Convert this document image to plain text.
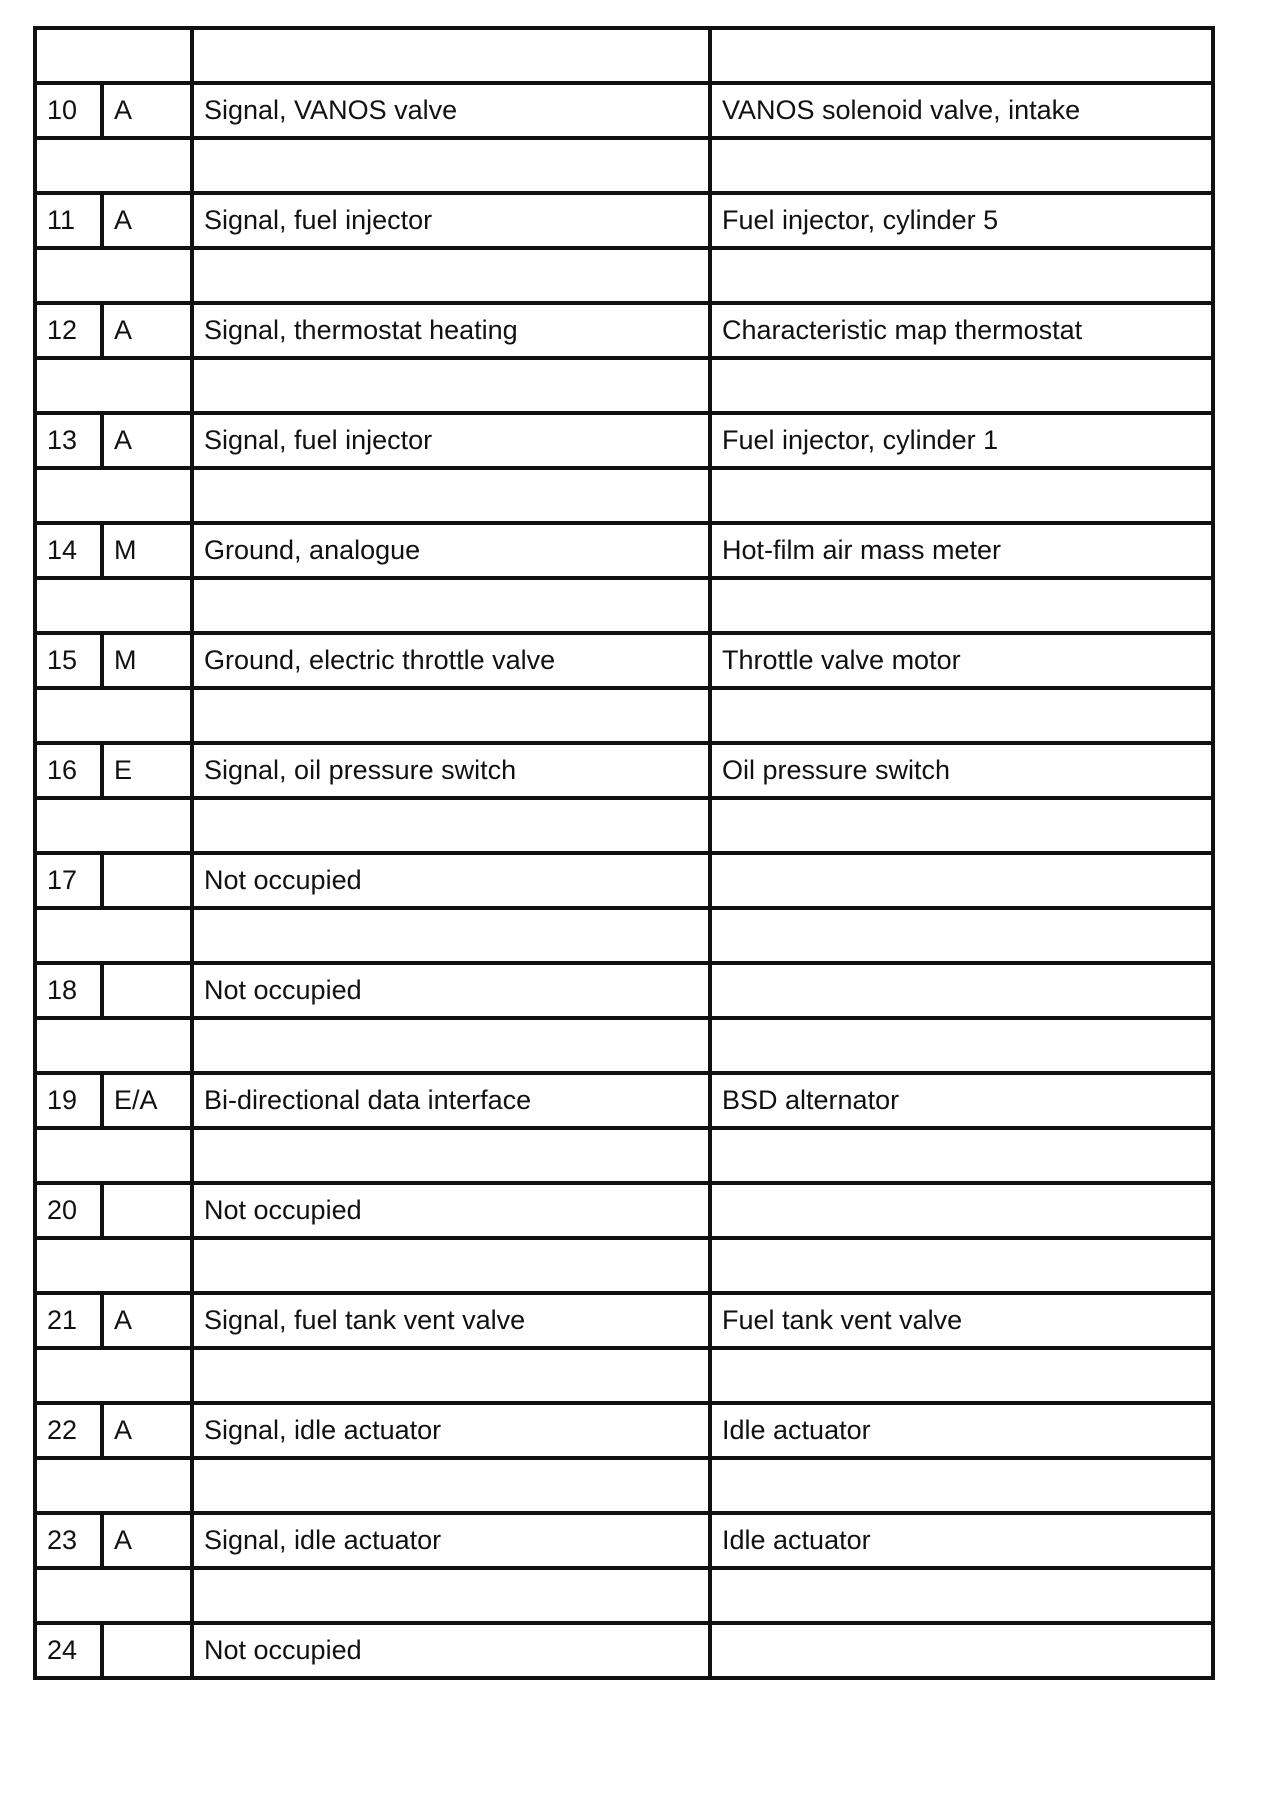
10	A	Signal, VANOS valve	VANOS solenoid valve, intake

11	A	Signal, fuel injector	Fuel injector, cylinder 5

12	A	Signal, thermostat heating	Characteristic map thermostat

13	A	Signal, fuel injector	Fuel injector, cylinder 1

14	M	Ground, analogue	Hot-film air mass meter

15	M	Ground, electric throttle valve	Throttle valve motor

16	E	Signal, oil pressure switch	Oil pressure switch

17		Not occupied	

18		Not occupied	

19	E/A	Bi-directional data interface	BSD alternator

20		Not occupied	

21	A	Signal, fuel tank vent valve	Fuel tank vent valve

22	A	Signal, idle actuator	Idle actuator

23	A	Signal, idle actuator	Idle actuator

24		Not occupied	
